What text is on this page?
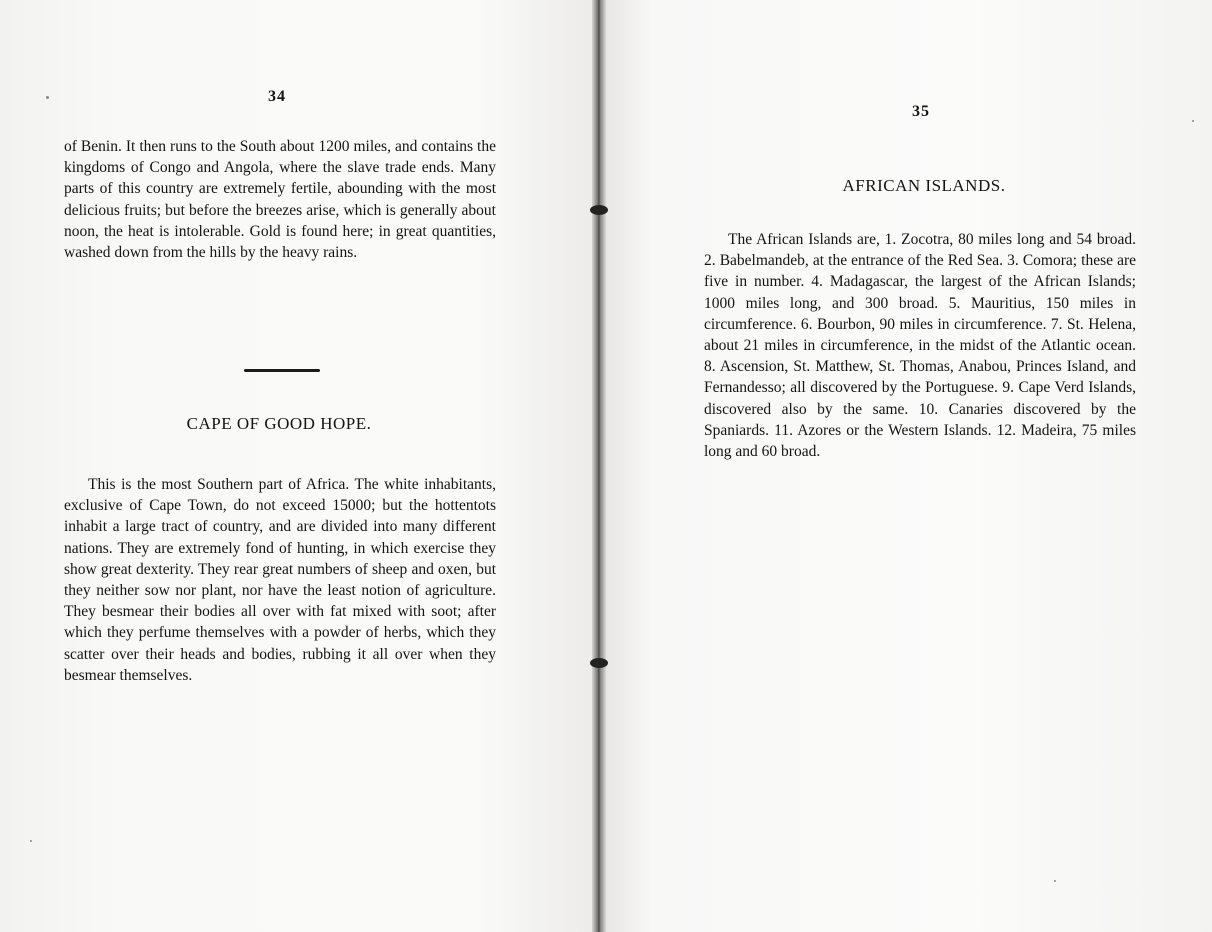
34

of Benin. It then runs to the South about 1200 miles, and contains the kingdoms of Congo and Angola, where the slave trade ends. Many parts of this country are extremely fertile, abounding with the most delicious fruits; but before the breezes arise, which is generally about noon, the heat is intolerable. Gold is found here; in great quantities, washed down from the hills by the heavy rains.

CAPE OF GOOD HOPE.

This is the most Southern part of Africa. The white inhabitants, exclusive of Cape Town, do not exceed 15000; but the hottentots inhabit a large tract of country, and are divided into many different nations. They are extremely fond of hunting, in which exercise they show great dexterity. They rear great numbers of sheep and oxen, but they neither sow nor plant, nor have the least notion of agriculture. They besmear their bodies all over with fat mixed with soot; after which they perfume themselves with a powder of herbs, which they scatter over their heads and bodies, rubbing it all over when they besmear themselves.

35
AFRICAN ISLANDS.

The African Islands are, 1. Zocotra, 80 miles long and 54 broad. 2. Babelmandeb, at the entrance of the Red Sea. 3. Comora; these are five in number. 4. Madagascar, the largest of the African Islands; 1000 miles long, and 300 broad. 5. Mauritius, 150 miles in circumference. 6. Bourbon, 90 miles in circumference. 7. St. Helena, about 21 miles in circumference, in the midst of the Atlantic ocean. 8. Ascension, St. Matthew, St. Thomas, Anabou, Princes Island, and Fernandesso; all discovered by the Portuguese. 9. Cape Verd Islands, discovered also by the same. 10. Canaries discovered by the Spaniards. 11. Azores or the Western Islands. 12. Madeira, 75 miles long and 60 broad.
